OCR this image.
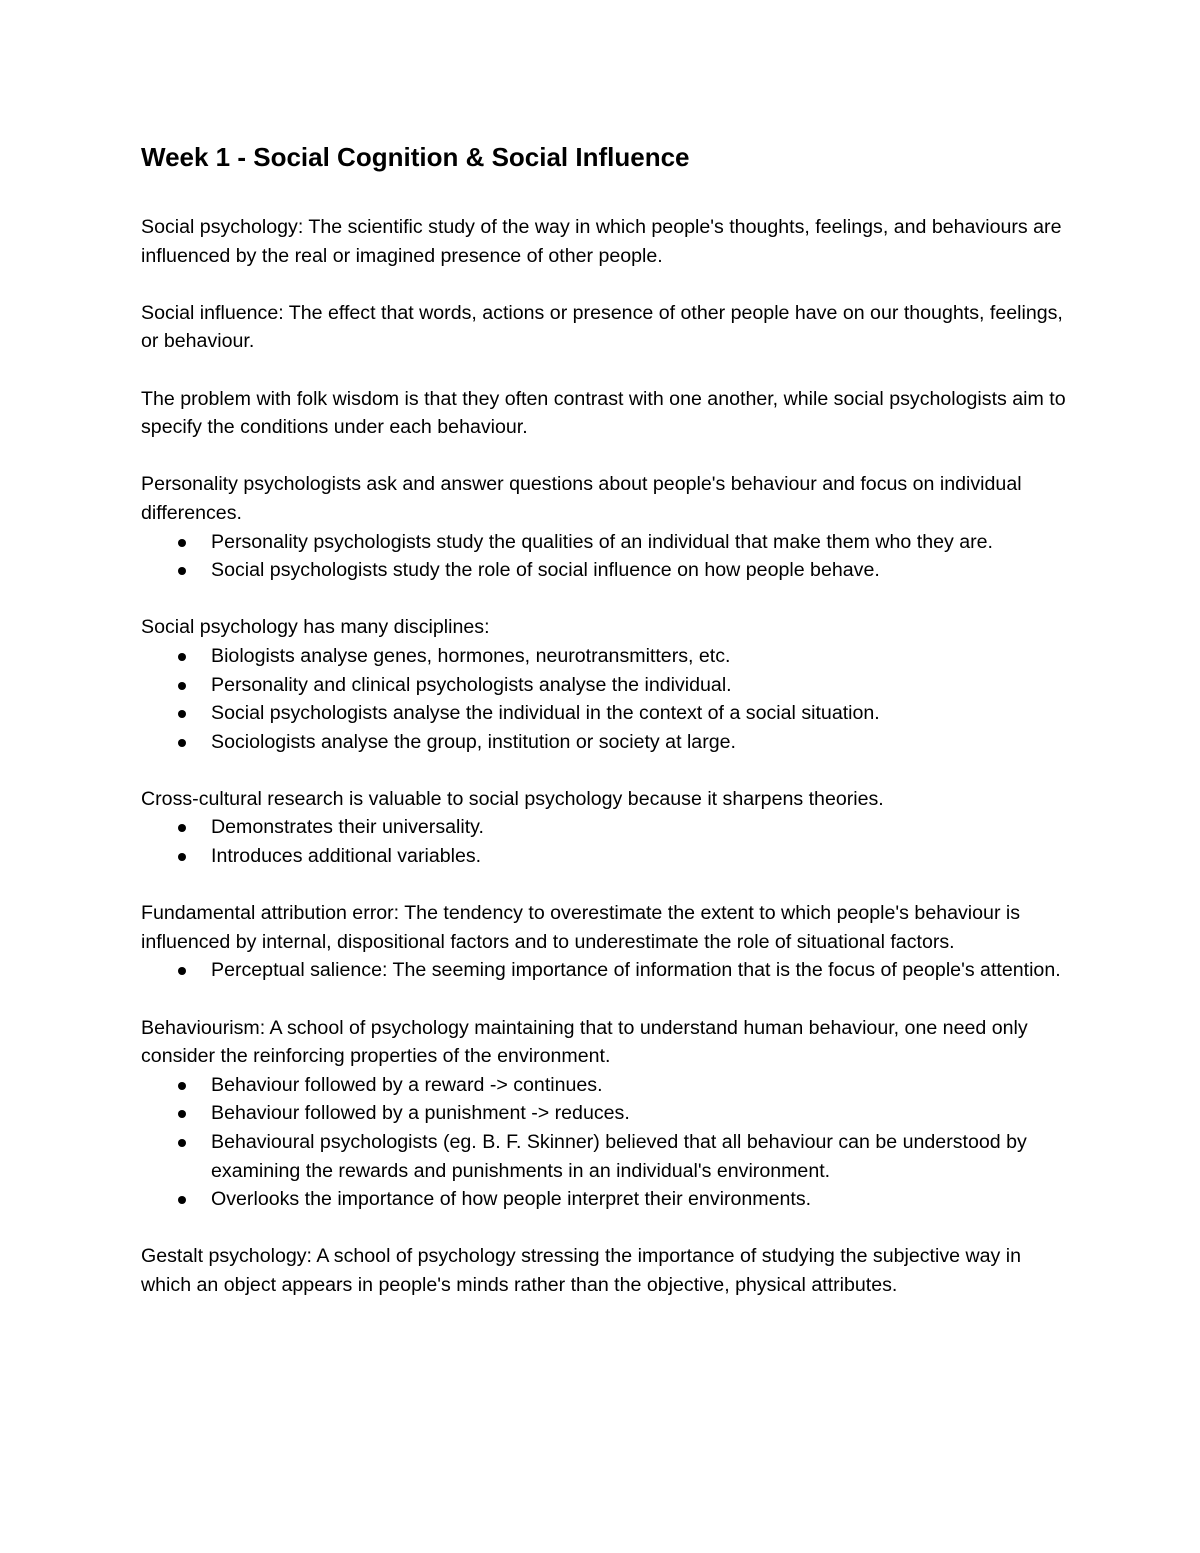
Week 1 - Social Cognition & Social Influence

Social psychology: The scientific study of the way in which people's thoughts, feelings, and behaviours are influenced by the real or imagined presence of other people.

Social influence: The effect that words, actions or presence of other people have on our thoughts, feelings, or behaviour.

The problem with folk wisdom is that they often contrast with one another, while social psychologists aim to specify the conditions under each behaviour.

Personality psychologists ask and answer questions about people's behaviour and focus on individual differences.

Personality psychologists study the qualities of an individual that make them who they are.
Social psychologists study the role of social influence on how people behave.

Social psychology has many disciplines:

Biologists analyse genes, hormones, neurotransmitters, etc.
Personality and clinical psychologists analyse the individual.
Social psychologists analyse the individual in the context of a social situation.
Sociologists analyse the group, institution or society at large.

Cross-cultural research is valuable to social psychology because it sharpens theories.

Demonstrates their universality.
Introduces additional variables.

Fundamental attribution error: The tendency to overestimate the extent to which people's behaviour is influenced by internal, dispositional factors and to underestimate the role of situational factors.

Perceptual salience: The seeming importance of information that is the focus of people's attention.

Behaviourism: A school of psychology maintaining that to understand human behaviour, one need only consider the reinforcing properties of the environment.

Behaviour followed by a reward -> continues.
Behaviour followed by a punishment -> reduces.
Behavioural psychologists (eg. B. F. Skinner) believed that all behaviour can be understood by examining the rewards and punishments in an individual's environment.
Overlooks the importance of how people interpret their environments.

Gestalt psychology: A school of psychology stressing the importance of studying the subjective way in which an object appears in people's minds rather than the objective, physical attributes.
